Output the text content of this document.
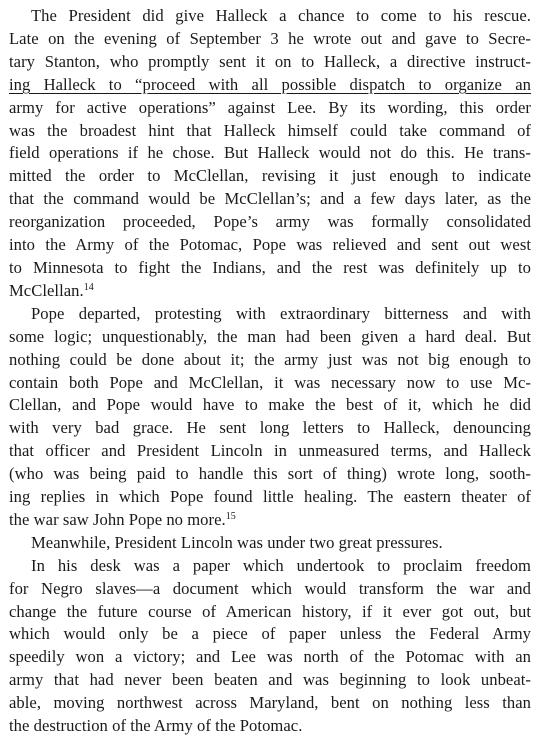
The President did give Halleck a chance to come to his rescue.
Late on the evening of September 3 he wrote out and gave to Secre-
tary Stanton, who promptly sent it on to Halleck, a directive instruct-
ing Halleck to “proceed with all possible dispatch to organize an
army for active operations” against Lee. By its wording, this order
was the broadest hint that Halleck himself could take command of
field operations if he chose. But Halleck would not do this. He trans-
mitted the order to McClellan, revising it just enough to indicate
that the command would be McClellan’s; and a few days later, as the
reorganization proceeded, Pope’s army was formally consolidated
into the Army of the Potomac, Pope was relieved and sent out west
to Minnesota to fight the Indians, and the rest was definitely up to
McClellan.$^{14}$
Pope departed, protesting with extraordinary bitterness and with
some logic; unquestionably, the man had been given a hard deal. But
nothing could be done about it; the army just was not big enough to
contain both Pope and McClellan, it was necessary now to use Mc-
Clellan, and Pope would have to make the best of it, which he did
with very bad grace. He sent long letters to Halleck, denouncing
that officer and President Lincoln in unmeasured terms, and Halleck
(who was being paid to handle this sort of thing) wrote long, sooth-
ing replies in which Pope found little healing. The eastern theater of
the war saw John Pope no more.$^{15}$
Meanwhile, President Lincoln was under two great pressures.
In his desk was a paper which undertook to proclaim freedom
for Negro slaves—a document which would transform the war and
change the future course of American history, if it ever got out, but
which would only be a piece of paper unless the Federal Army
speedily won a victory; and Lee was north of the Potomac with an
army that had never been beaten and was beginning to look unbeat-
able, moving northwest across Maryland, bent on nothing less than
the destruction of the Army of the Potomac.
